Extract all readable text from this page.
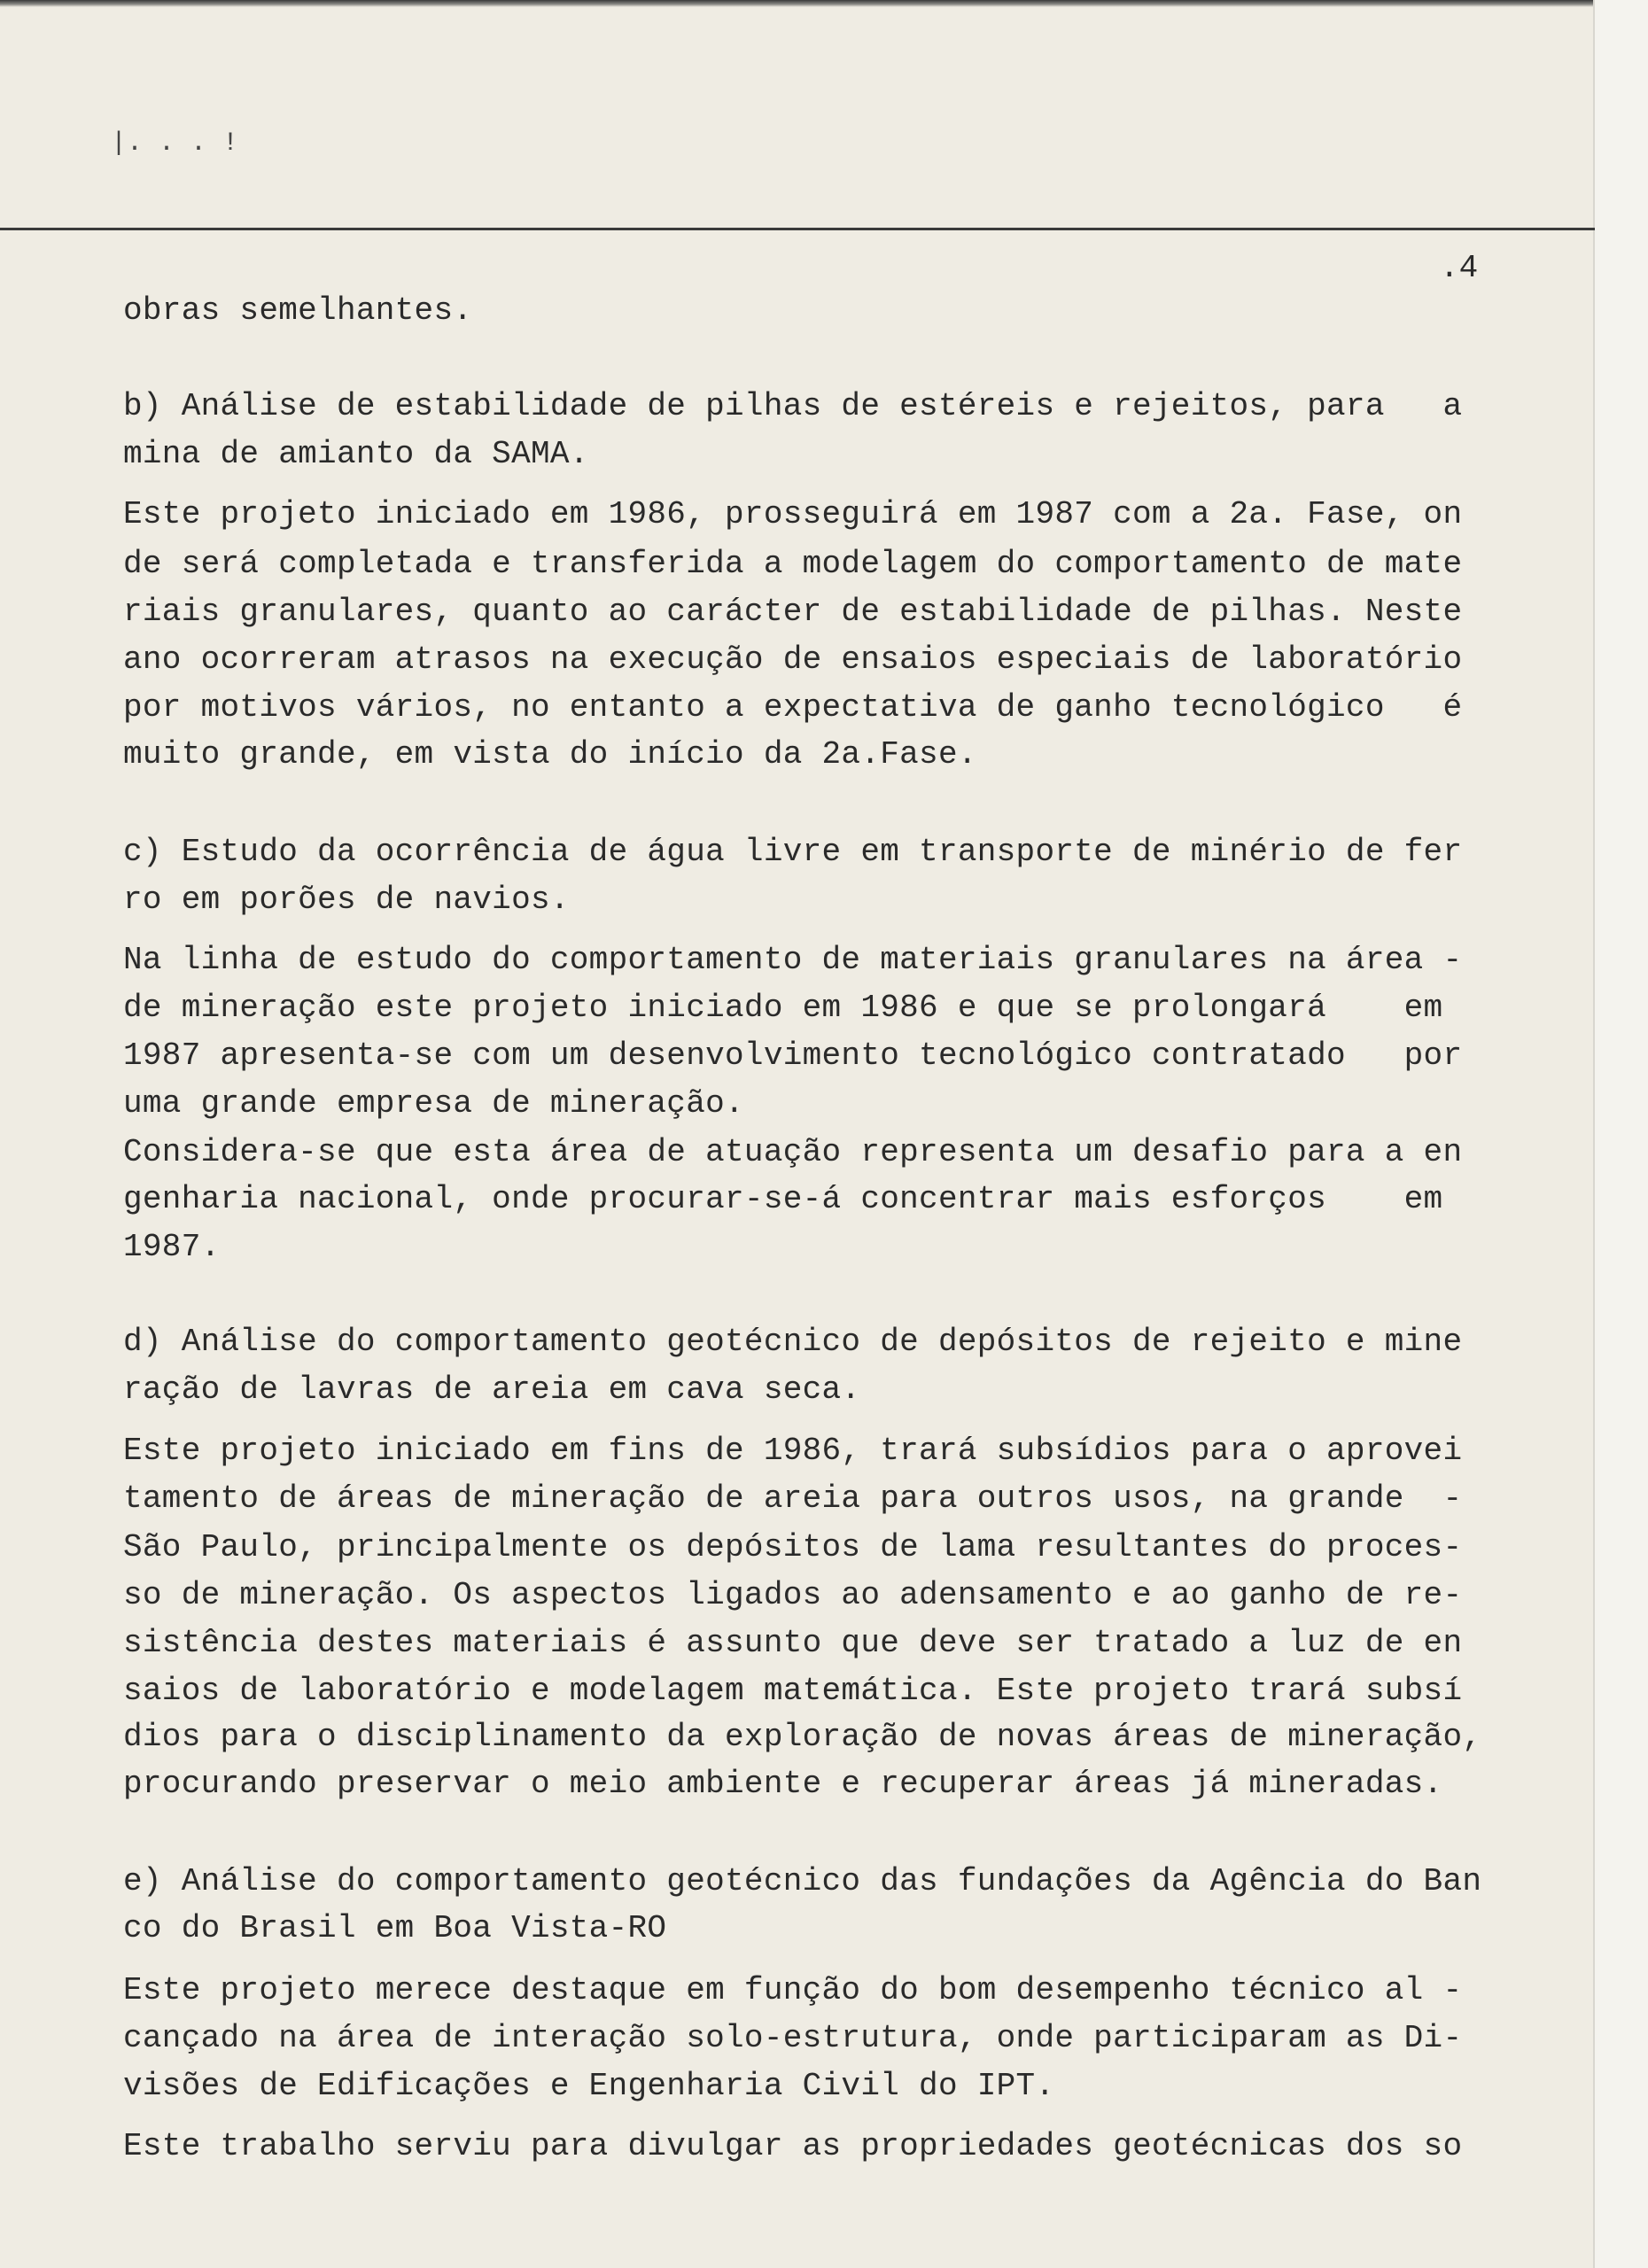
|. . . !
.4
obras semelhantes.
b) Análise de estabilidade de pilhas de estéreis e rejeitos, para   a
mina de amianto da SAMA.
Este projeto iniciado em 1986, prosseguirá em 1987 com a 2a. Fase, on
de será completada e transferida a modelagem do comportamento de mate
riais granulares, quanto ao carácter de estabilidade de pilhas. Neste
ano ocorreram atrasos na execução de ensaios especiais de laboratório
por motivos vários, no entanto a expectativa de ganho tecnológico   é
muito grande, em vista do início da 2a.Fase.
c) Estudo da ocorrência de água livre em transporte de minério de fer
ro em porões de navios.
Na linha de estudo do comportamento de materiais granulares na área -
de mineração este projeto iniciado em 1986 e que se prolongará    em
1987 apresenta-se com um desenvolvimento tecnológico contratado   por
uma grande empresa de mineração.
Considera-se que esta área de atuação representa um desafio para a en
genharia nacional, onde procurar-se-á concentrar mais esforços    em
1987.
d) Análise do comportamento geotécnico de depósitos de rejeito e mine
ração de lavras de areia em cava seca.
Este projeto iniciado em fins de 1986, trará subsídios para o aprovei
tamento de áreas de mineração de areia para outros usos, na grande  -
São Paulo, principalmente os depósitos de lama resultantes do proces-
so de mineração. Os aspectos ligados ao adensamento e ao ganho de re-
sistência destes materiais é assunto que deve ser tratado a luz de en
saios de laboratório e modelagem matemática. Este projeto trará subsí
dios para o disciplinamento da exploração de novas áreas de mineração,
procurando preservar o meio ambiente e recuperar áreas já mineradas.
e) Análise do comportamento geotécnico das fundações da Agência do Ban
co do Brasil em Boa Vista-RO
Este projeto merece destaque em função do bom desempenho técnico al -
cançado na área de interação solo-estrutura, onde participaram as Di-
visões de Edificações e Engenharia Civil do IPT.
Este trabalho serviu para divulgar as propriedades geotécnicas dos so
